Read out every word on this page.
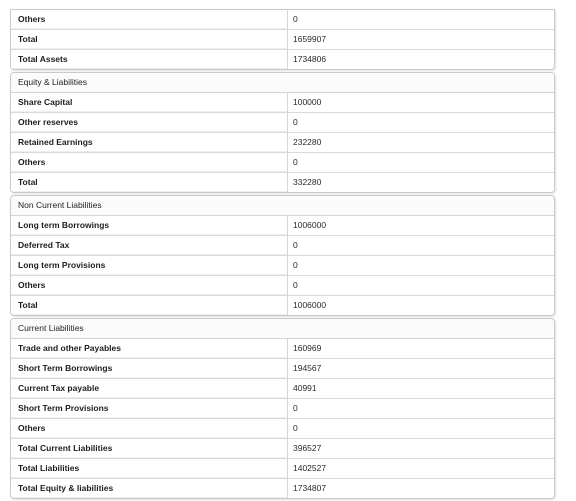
Others	0
Total	1659907
Total Assets	1734806
Equity & Liabilities
Share Capital	100000
Other reserves	0
Retained Earnings	232280
Others	0
Total	332280
Non Current Liabilities
Long term Borrowings	1006000
Deferred Tax	0
Long term Provisions	0
Others	0
Total	1006000
Current Liabilities
Trade and other Payables	160969
Short Term Borrowings	194567
Current Tax payable	40991
Short Term Provisions	0
Others	0
Total Current Liabilities	396527
Total Liabilities	1402527
Total Equity & liabilities	1734807
